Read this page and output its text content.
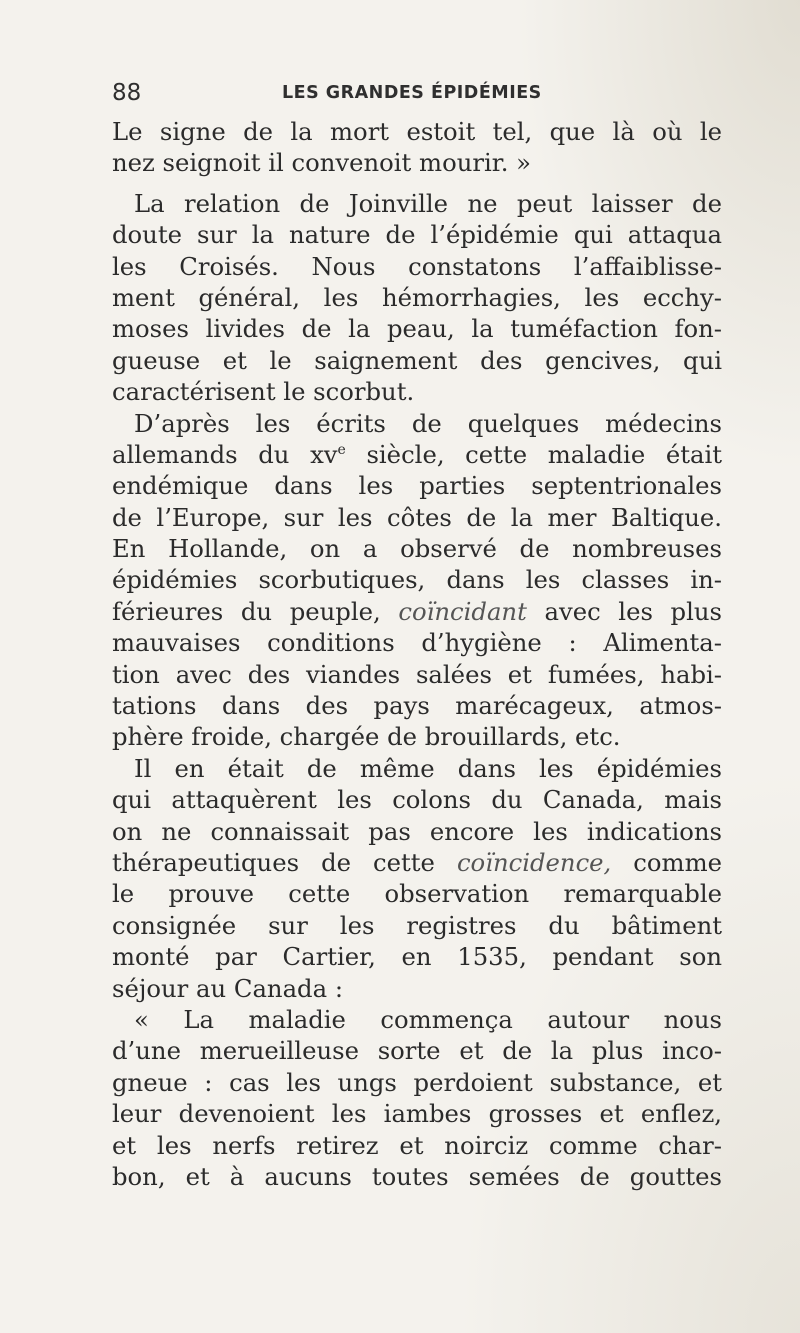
88	LES GRANDES ÉPIDÉMIES
Le signe de la mort estoit tel, que là où le
nez seignoit il convenoit mourir. »
La relation de Joinville ne peut laisser de
doute sur la nature de l’épidémie qui attaqua
les Croisés. Nous constatons l’affaiblisse-
ment général, les hémorrhagies, les ecchy-
moses livides de la peau, la tuméfaction fon-
gueuse et le saignement des gencives, qui
caractérisent le scorbut.
D’après les écrits de quelques médecins
allemands du $xv^e$ siècle, cette maladie était
endémique dans les parties septentrionales
de l’Europe, sur les côtes de la mer Baltique.
En Hollande, on a observé de nombreuses
épidémies scorbutiques, dans les classes in-
férieures du peuple, coïncidant avec les plus
mauvaises conditions d’hygiène : Alimenta-
tion avec des viandes salées et fumées, habi-
tations dans des pays marécageux, atmos-
phère froide, chargée de brouillards, etc.
Il en était de même dans les épidémies
qui attaquèrent les colons du Canada, mais
on ne connaissait pas encore les indications
thérapeutiques de cette coïncidence, comme
le prouve cette observation remarquable
consignée sur les registres du bâtiment
monté par Cartier, en 1535, pendant son
séjour au Canada :
« La maladie commença autour nous
d’une merueilleuse sorte et de la plus inco-
gneue : cas les ungs perdoient substance, et
leur devenoient les iambes grosses et enflez,
et les nerfs retirez et noirciz comme char-
bon, et à aucuns toutes semées de gouttes
